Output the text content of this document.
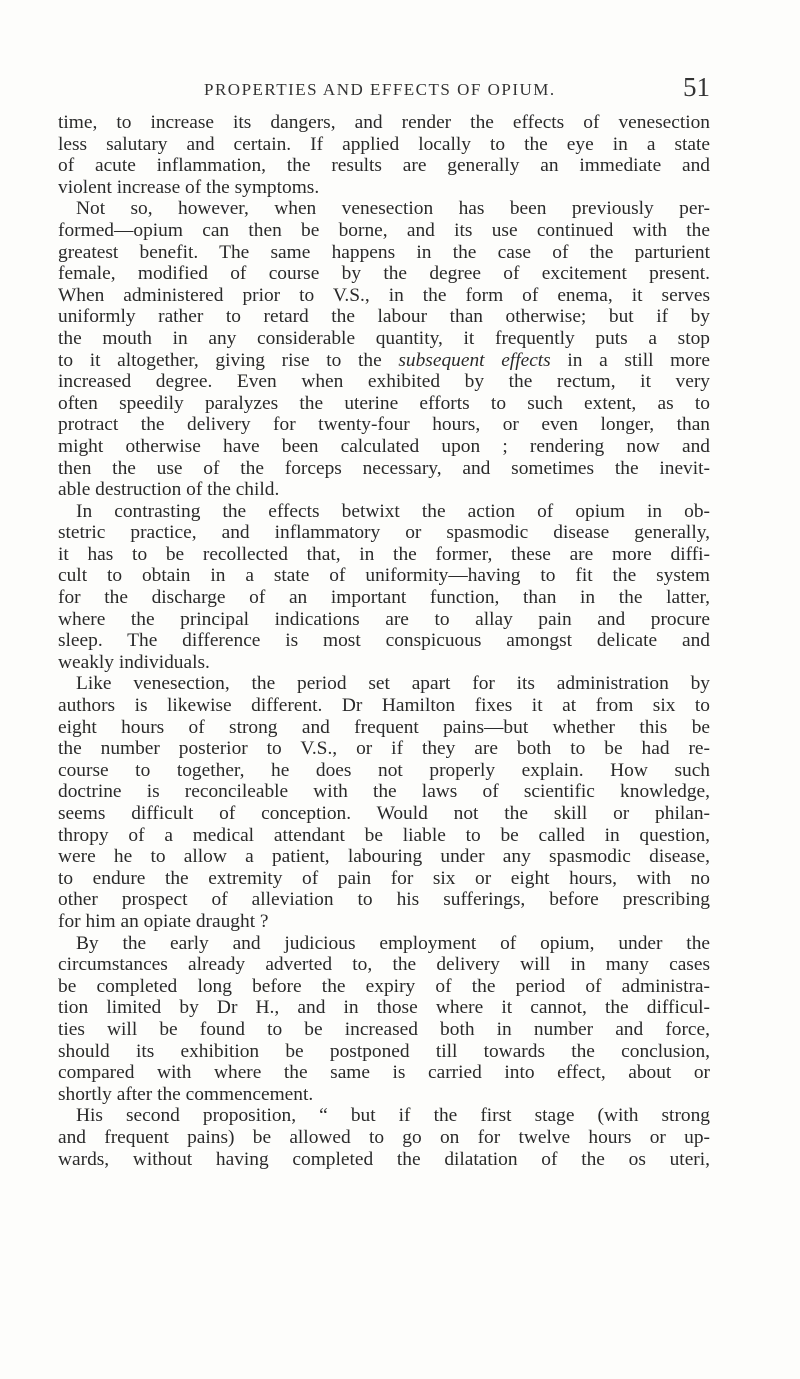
PROPERTIES AND EFFECTS OF OPIUM.	51
time, to increase its dangers, and render the effects of venesection
less salutary and certain. If applied locally to the eye in a state
of acute inflammation, the results are generally an immediate and
violent increase of the symptoms.
Not so, however, when venesection has been previously per-
formed—opium can then be borne, and its use continued with the
greatest benefit. The same happens in the case of the parturient
female, modified of course by the degree of excitement present.
When administered prior to V.S., in the form of enema, it serves
uniformly rather to retard the labour than otherwise; but if by
the mouth in any considerable quantity, it frequently puts a stop
to it altogether, giving rise to the subsequent effects in a still more
increased degree. Even when exhibited by the rectum, it very
often speedily paralyzes the uterine efforts to such extent, as to
protract the delivery for twenty-four hours, or even longer, than
might otherwise have been calculated upon ; rendering now and
then the use of the forceps necessary, and sometimes the inevit-
able destruction of the child.
In contrasting the effects betwixt the action of opium in ob-
stetric practice, and inflammatory or spasmodic disease generally,
it has to be recollected that, in the former, these are more diffi-
cult to obtain in a state of uniformity—having to fit the system
for the discharge of an important function, than in the latter,
where the principal indications are to allay pain and procure
sleep. The difference is most conspicuous amongst delicate and
weakly individuals.
Like venesection, the period set apart for its administration by
authors is likewise different. Dr Hamilton fixes it at from six to
eight hours of strong and frequent pains—but whether this be
the number posterior to V.S., or if they are both to be had re-
course to together, he does not properly explain. How such
doctrine is reconcileable with the laws of scientific knowledge,
seems difficult of conception. Would not the skill or philan-
thropy of a medical attendant be liable to be called in question,
were he to allow a patient, labouring under any spasmodic disease,
to endure the extremity of pain for six or eight hours, with no
other prospect of alleviation to his sufferings, before prescribing
for him an opiate draught ?
By the early and judicious employment of opium, under the
circumstances already adverted to, the delivery will in many cases
be completed long before the expiry of the period of administra-
tion limited by Dr H., and in those where it cannot, the difficul-
ties will be found to be increased both in number and force,
should its exhibition be postponed till towards the conclusion,
compared with where the same is carried into effect, about or
shortly after the commencement.
His second proposition, “ but if the first stage (with strong
and frequent pains) be allowed to go on for twelve hours or up-
wards, without having completed the dilatation of the os uteri,
